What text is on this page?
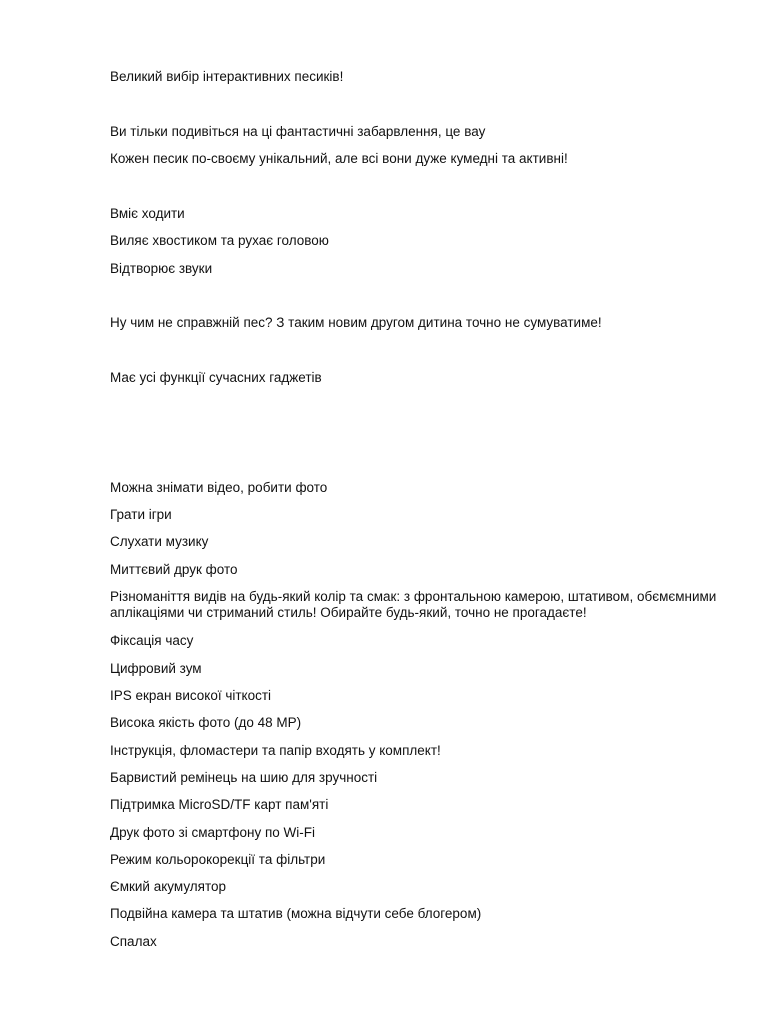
Великий вибір інтерактивних песиків!
Ви тільки подивіться на ці фантастичні забарвлення, це вау
Кожен песик по-своєму унікальний, але всі вони дуже кумедні та активні!
Вміє ходити
Виляє хвостиком та рухає головою
Відтворює звуки
Ну чим не справжній пес? З таким новим другом дитина точно не сумуватиме!
Має усі функції сучасних гаджетів
Можна знімати відео, робити фото
Грати ігри
Слухати музику
Миттєвий друк фото
Різноманіття видів на будь-який колір та смак: з фронтальною камерою, штативом, обємємними аплікаціями чи стриманий стиль! Обирайте будь-який, точно не прогадаєте!
Фіксація часу
Цифровий зум
IPS екран високої чіткості
Висока якість фото (до 48 МР)
Інструкція, фломастери та папір входять у комплект!
Барвистий ремінець на шию для зручності
Підтримка MicroSD/TF карт пам'яті
Друк фото зі смартфону по Wi-Fi
Режим кольорокорекції та фільтри
Ємкий акумулятор
Подвійна камера та штатив (можна відчути себе блогером)
Спалах
